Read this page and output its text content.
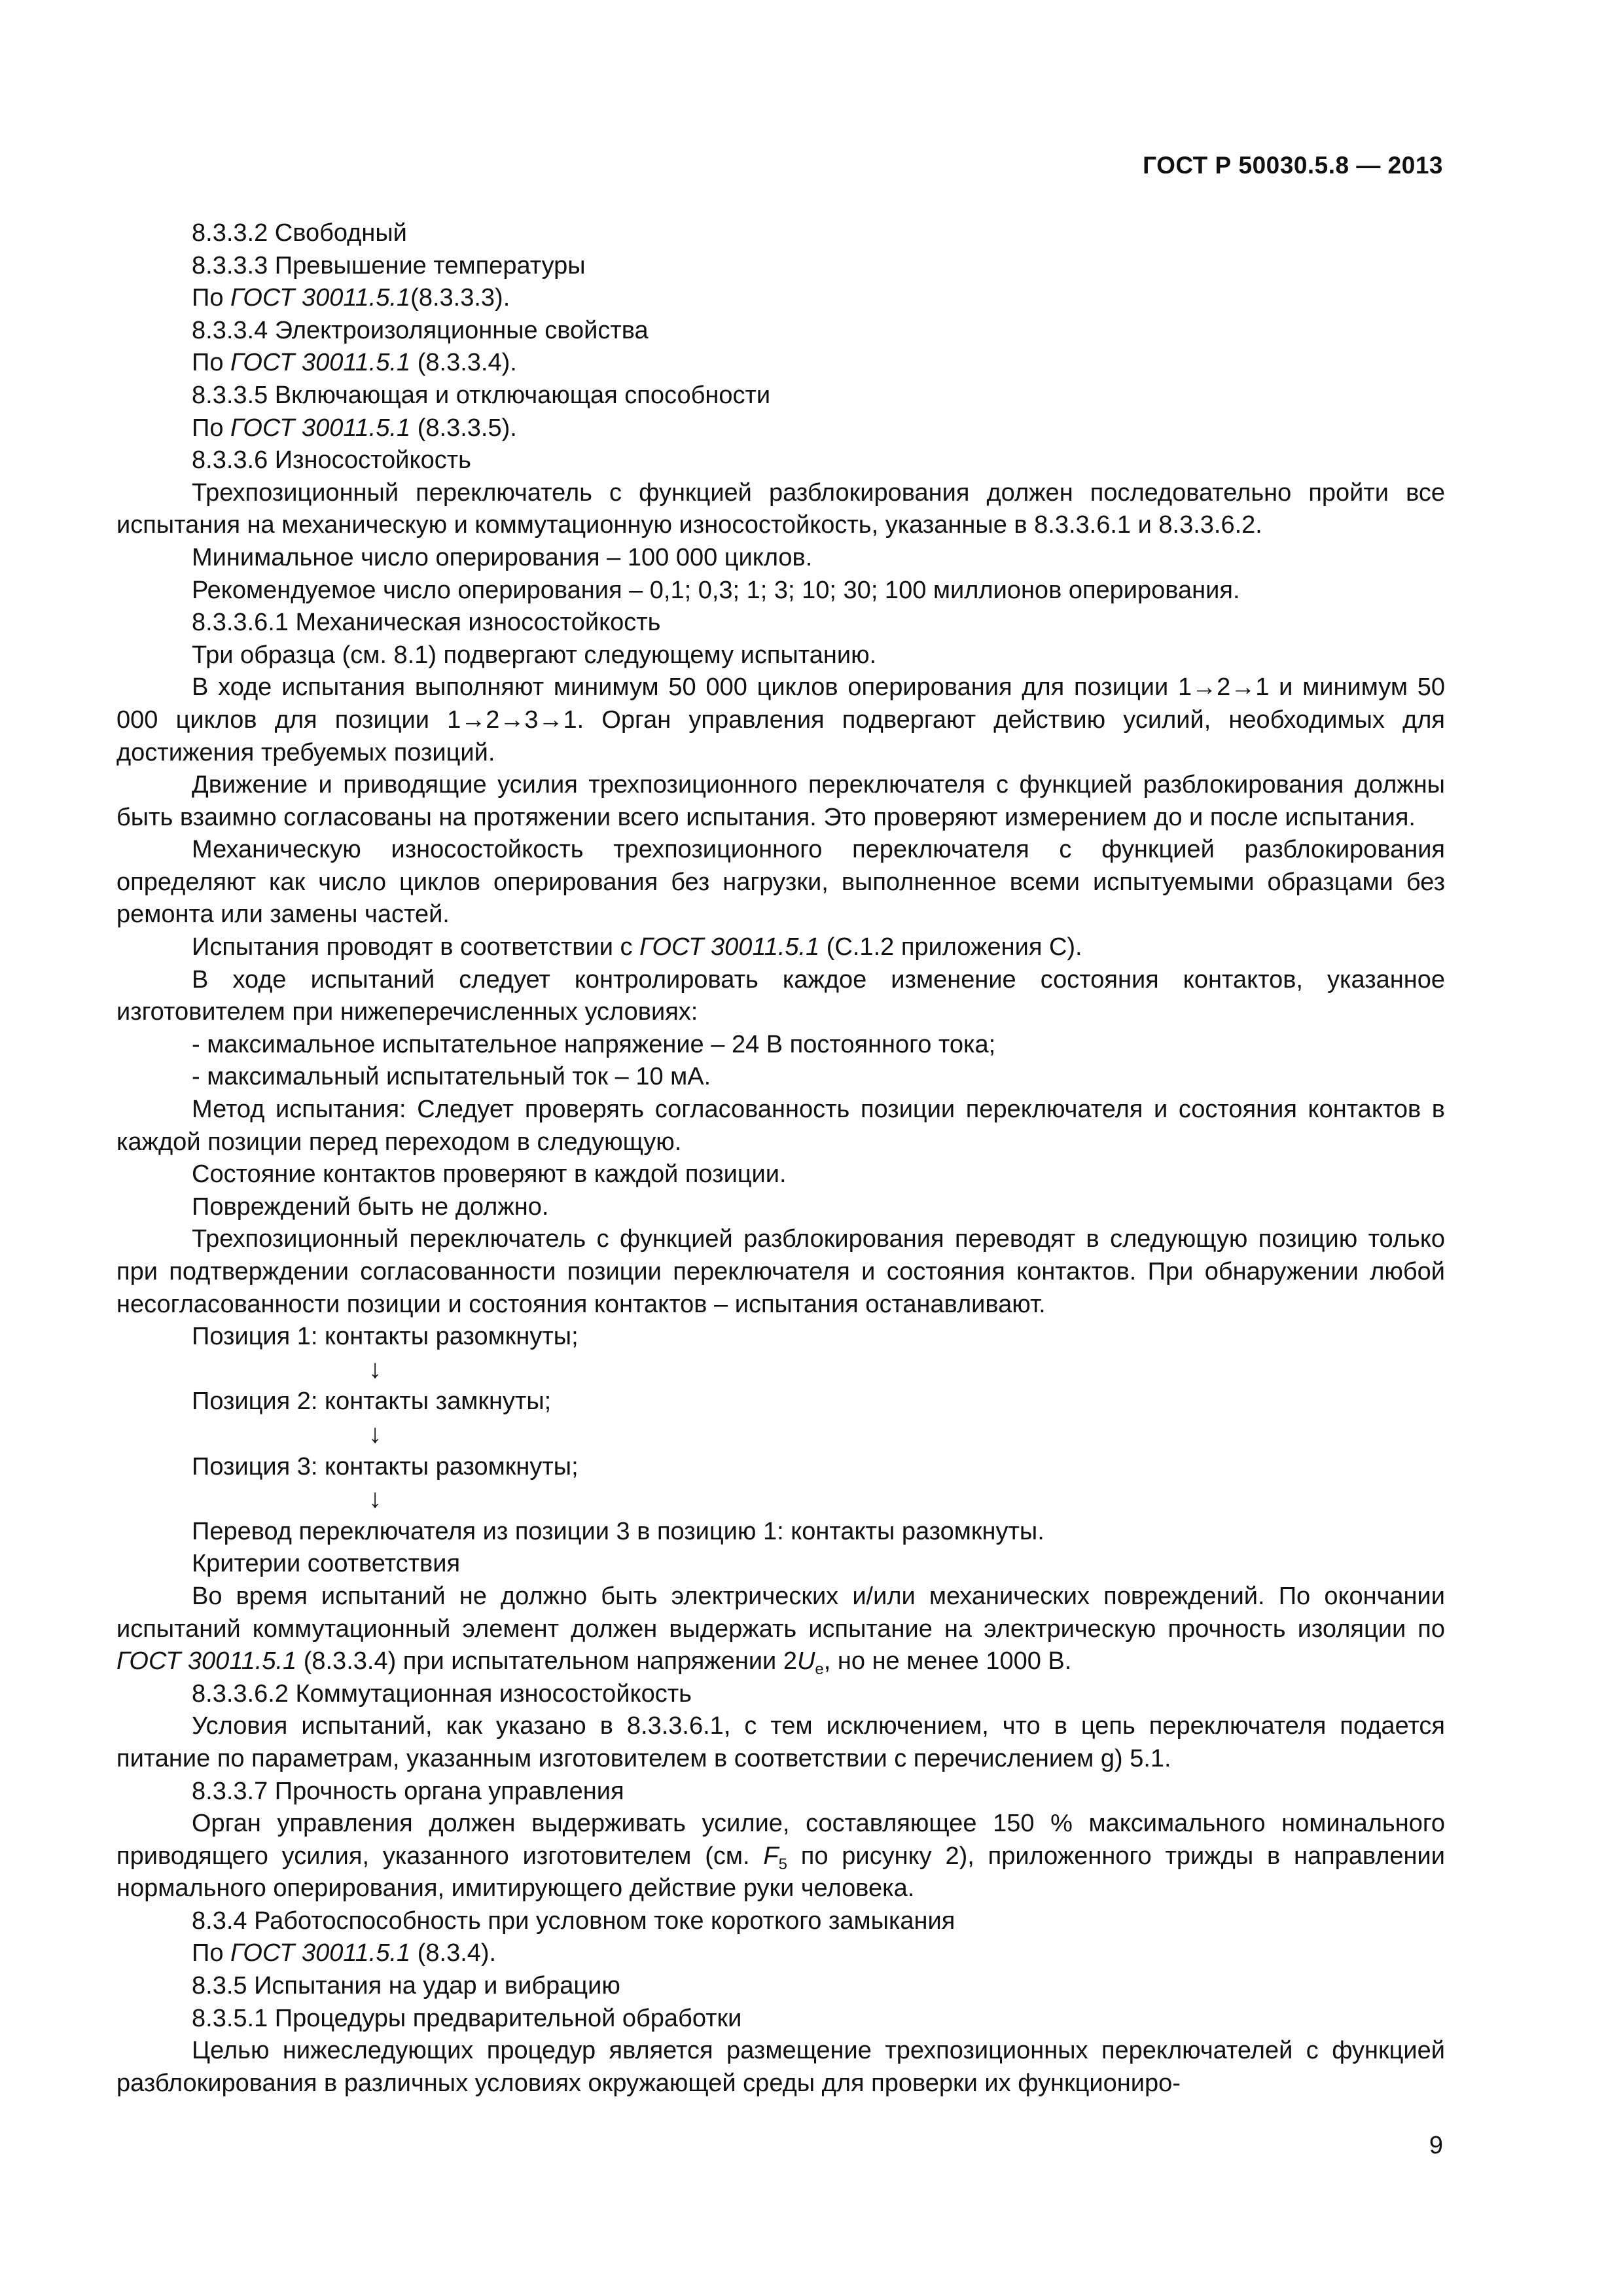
ГОСТ Р 50030.5.8 — 2013

8.3.3.2 Свободный

8.3.3.3 Превышение температуры

По ГОСТ 30011.5.1(8.3.3.3).

8.3.3.4 Электроизоляционные свойства

По ГОСТ 30011.5.1 (8.3.3.4).

8.3.3.5 Включающая и отключающая способности

По ГОСТ 30011.5.1 (8.3.3.5).

8.3.3.6 Износостойкость

Трехпозиционный переключатель с функцией разблокирования должен последовательно пройти все испытания на механическую и коммутационную износостойкость, указанные в 8.3.3.6.1 и 8.3.3.6.2.

Минимальное число оперирования – 100 000 циклов.

Рекомендуемое число оперирования – 0,1; 0,3; 1; 3; 10; 30; 100 миллионов оперирования.

8.3.3.6.1 Механическая износостойкость

Три образца (см. 8.1) подвергают следующему испытанию.

В ходе испытания выполняют минимум 50 000 циклов оперирования для позиции 1→2→1 и минимум 50 000 циклов для позиции 1→2→3→1. Орган управления подвергают действию усилий, необходимых для достижения требуемых позиций.

Движение и приводящие усилия трехпозиционного переключателя с функцией разблокирования должны быть взаимно согласованы на протяжении всего испытания. Это проверяют измерением до и после испытания.

Механическую износостойкость трехпозиционного переключателя с функцией разблокирования определяют как число циклов оперирования без нагрузки, выполненное всеми испытуемыми образцами без ремонта или замены частей.

Испытания проводят в соответствии с ГОСТ 30011.5.1 (С.1.2 приложения С).

В ходе испытаний следует контролировать каждое изменение состояния контактов, указанное изготовителем при нижеперечисленных условиях:

- максимальное испытательное напряжение – 24 В постоянного тока;

- максимальный испытательный ток – 10 мА.

Метод испытания: Следует проверять согласованность позиции переключателя и состояния контактов в каждой позиции перед переходом в следующую.

Состояние контактов проверяют в каждой позиции.

Повреждений быть не должно.

Трехпозиционный переключатель с функцией разблокирования переводят в следующую позицию только при подтверждении согласованности позиции переключателя и состояния контактов. При обнаружении любой несогласованности позиции и состояния контактов – испытания останавливают.

Позиция 1: контакты разомкнуты;

↓

Позиция 2: контакты замкнуты;

↓

Позиция 3: контакты разомкнуты;

↓

Перевод переключателя из позиции 3 в позицию 1: контакты разомкнуты.

Критерии соответствия

Во время испытаний не должно быть электрических и/или механических повреждений. По окончании испытаний коммутационный элемент должен выдержать испытание на электрическую прочность изоляции по ГОСТ 30011.5.1 (8.3.3.4) при испытательном напряжении $2U_e$, но не менее 1000 В.

8.3.3.6.2 Коммутационная износостойкость

Условия испытаний, как указано в 8.3.3.6.1, с тем исключением, что в цепь переключателя подается питание по параметрам, указанным изготовителем в соответствии с перечислением g) 5.1.

8.3.3.7 Прочность органа управления

Орган управления должен выдерживать усилие, составляющее 150 % максимального номинального приводящего усилия, указанного изготовителем (см. $F_5$ по рисунку 2), приложенного трижды в направлении нормального оперирования, имитирующего действие руки человека.

8.3.4 Работоспособность при условном токе короткого замыкания

По ГОСТ 30011.5.1 (8.3.4).

8.3.5 Испытания на удар и вибрацию

8.3.5.1 Процедуры предварительной обработки

Целью нижеследующих процедур является размещение трехпозиционных переключателей с функцией разблокирования в различных условиях окружающей среды для проверки их функциониро-

9
